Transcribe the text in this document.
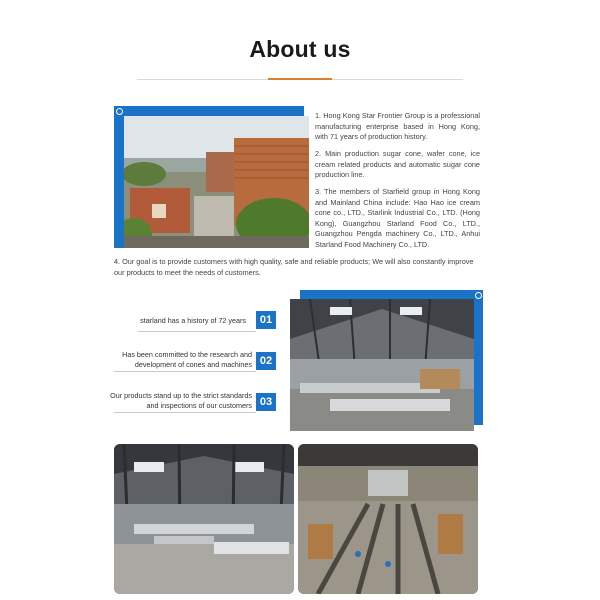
About us
1. Hong Kong Star Frontier Group is a professional manufacturing enterprise based in Hong Kong, with 71 years of production history.
2. Main production sugar cone, wafer cone, ice cream related products and automatic sugar cone production line.
3. The members of Starfield group in Hong Kong and Mainland China include: Hao Hao ice cream cone co., LTD., Starlink Industrial Co., LTD. (Hong Kong), Guangzhou Starland Food Co., LTD., Guangzhou Pengda machinery Co., LTD., Anhui Starland Food Machinery Co., LTD.
4. Our goal is to provide customers with high quality, safe and reliable products; We will also constantly improve our products to meet the needs of customers.
starland has a history of 72 years	01
Has been committed to the research and development of cones and machines 02
Our products stand up to the strict standards and inspections of our customers 03
